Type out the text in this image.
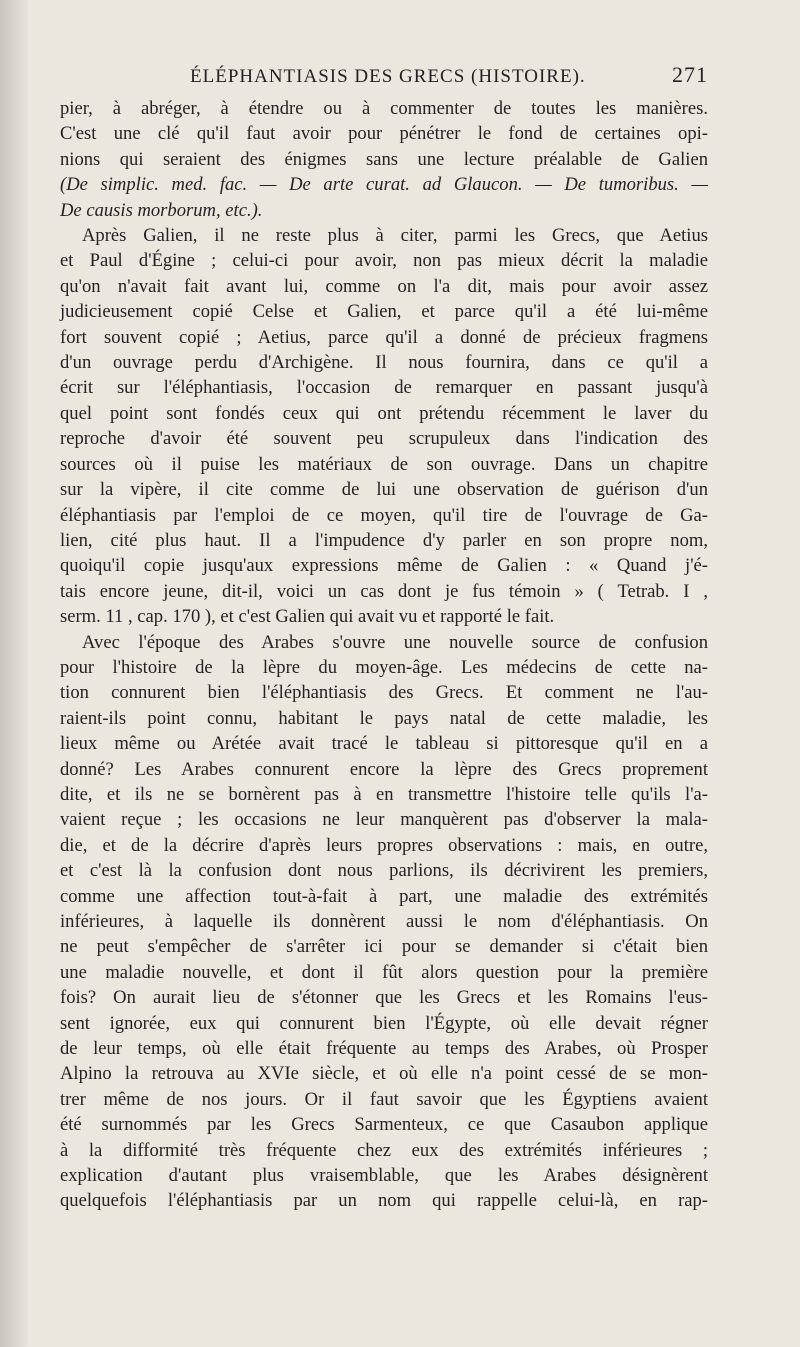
ÉLÉPHANTIASIS DES GRECS (HISTOIRE).	271
pier, à abréger, à étendre ou à commenter de toutes les manières.
C'est une clé qu'il faut avoir pour pénétrer le fond de certaines opi-
nions qui seraient des énigmes sans une lecture préalable de Galien
(De simplic. med. fac. — De arte curat. ad Glaucon. — De tumoribus. —
De causis morborum, etc.).
Après Galien, il ne reste plus à citer, parmi les Grecs, que Aetius
et Paul d'Égine ; celui-ci pour avoir, non pas mieux décrit la maladie
qu'on n'avait fait avant lui, comme on l'a dit, mais pour avoir assez
judicieusement copié Celse et Galien, et parce qu'il a été lui-même
fort souvent copié ; Aetius, parce qu'il a donné de précieux fragmens
d'un ouvrage perdu d'Archigène. Il nous fournira, dans ce qu'il a
écrit sur l'éléphantiasis, l'occasion de remarquer en passant jusqu'à
quel point sont fondés ceux qui ont prétendu récemment le laver du
reproche d'avoir été souvent peu scrupuleux dans l'indication des
sources où il puise les matériaux de son ouvrage. Dans un chapitre
sur la vipère, il cite comme de lui une observation de guérison d'un
éléphantiasis par l'emploi de ce moyen, qu'il tire de l'ouvrage de Ga-
lien, cité plus haut. Il a l'impudence d'y parler en son propre nom,
quoiqu'il copie jusqu'aux expressions même de Galien : « Quand j'é-
tais encore jeune, dit-il, voici un cas dont je fus témoin » ( Tetrab. I ,
serm. 11 , cap. 170 ), et c'est Galien qui avait vu et rapporté le fait.
Avec l'époque des Arabes s'ouvre une nouvelle source de confusion
pour l'histoire de la lèpre du moyen-âge. Les médecins de cette na-
tion connurent bien l'éléphantiasis des Grecs. Et comment ne l'au-
raient-ils point connu, habitant le pays natal de cette maladie, les
lieux même ou Arétée avait tracé le tableau si pittoresque qu'il en a
donné? Les Arabes connurent encore la lèpre des Grecs proprement
dite, et ils ne se bornèrent pas à en transmettre l'histoire telle qu'ils l'a-
vaient reçue ; les occasions ne leur manquèrent pas d'observer la mala-
die, et de la décrire d'après leurs propres observations : mais, en outre,
et c'est là la confusion dont nous parlions, ils décrivirent les premiers,
comme une affection tout-à-fait à part, une maladie des extrémités
inférieures, à laquelle ils donnèrent aussi le nom d'éléphantiasis. On
ne peut s'empêcher de s'arrêter ici pour se demander si c'était bien
une maladie nouvelle, et dont il fût alors question pour la première
fois? On aurait lieu de s'étonner que les Grecs et les Romains l'eus-
sent ignorée, eux qui connurent bien l'Égypte, où elle devait régner
de leur temps, où elle était fréquente au temps des Arabes, où Prosper
Alpino la retrouva au XVIe siècle, et où elle n'a point cessé de se mon-
trer même de nos jours. Or il faut savoir que les Égyptiens avaient
été surnommés par les Grecs Sarmenteux, ce que Casaubon applique
à la difformité très fréquente chez eux des extrémités inférieures ;
explication d'autant plus vraisemblable, que les Arabes désignèrent
quelquefois l'éléphantiasis par un nom qui rappelle celui-là, en rap-
